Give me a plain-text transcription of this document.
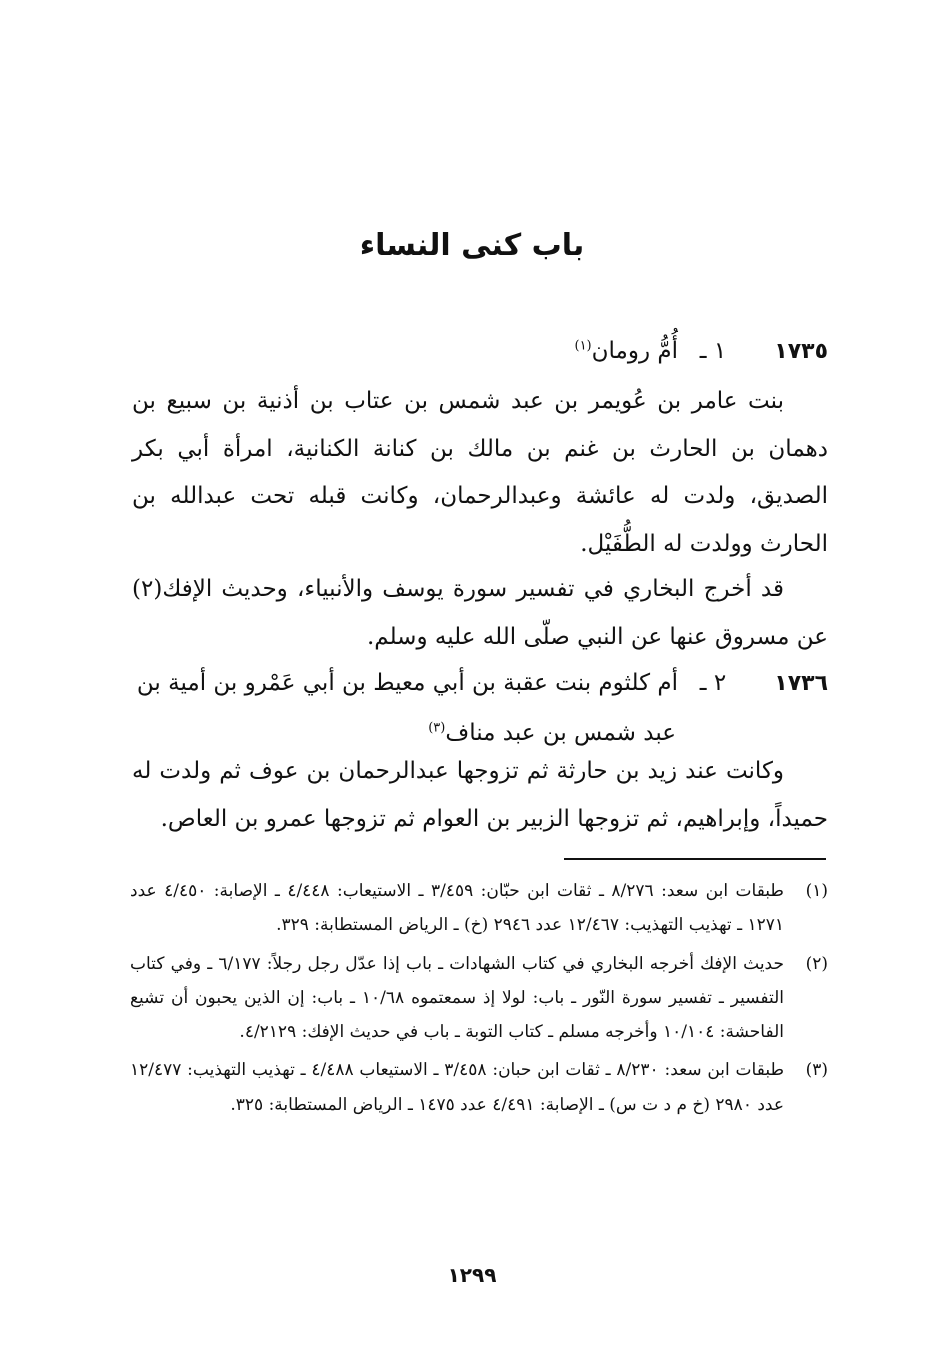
باب كنى النساء
١٧٣٥١ ـأُمُّ رومان$^{(١)}$
بنت عامر بن عُويمر بن عبد شمس بن عتاب بن أذنية بن سبيع بن دهمان بن الحارث بن غنم بن مالك بن كنانة الكنانية، امرأة أبي بكر الصديق، ولدت له عائشة وعبدالرحمان، وكانت قبله تحت عبدالله بن الحارث وولدت له الطُّفَيْل.
قد أخرج البخاري في تفسير سورة يوسف والأنبياء، وحديث الإفك(٢) عن مسروق عنها عن النبي صلّى الله عليه وسلم.
١٧٣٦٢ ـأم كلثوم بنت عقبة بن أبي معيط بن أبي عَمْرو بن أمية بن
عبد شمس بن عبد مناف$^{(٣)}$
وكانت عند زيد بن حارثة ثم تزوجها عبدالرحمان بن عوف ثم ولدت له حميداً، وإبراهيم، ثم تزوجها الزبير بن العوام ثم تزوجها عمرو بن العاص.
(١)
طبقات ابن سعد: ٨/٢٧٦ ـ ثقات ابن حبّان: ٣/٤٥٩ ـ الاستيعاب: ٤/٤٤٨ ـ الإصابة: ٤/٤٥٠ عدد ١٢٧١ ـ تهذيب التهذيب: ١٢/٤٦٧ عدد ٢٩٤٦ (خ) ـ الرياض المستطابة: ٣٢٩.
(٢)
حديث الإفك أخرجه البخاري في كتاب الشهادات ـ باب إذا عدّل رجل رجلاً: ٦/١٧٧ ـ وفي كتاب التفسير ـ تفسير سورة النّور ـ باب: لولا إذ سمعتموه ١٠/٦٨ ـ باب: إن الذين يحبون أن تشيع الفاحشة: ١٠/١٠٤ وأخرجه مسلم ـ كتاب التوبة ـ باب في حديث الإفك: ٤/٢١٢٩.
(٣)
طبقات ابن سعد: ٨/٢٣٠ ـ ثقات ابن حبان: ٣/٤٥٨ ـ الاستيعاب ٤/٤٨٨ ـ تهذيب التهذيب: ١٢/٤٧٧ عدد ٢٩٨٠ (خ م د ت س) ـ الإصابة: ٤/٤٩١ عدد ١٤٧٥ ـ الرياض المستطابة: ٣٢٥.
١٢٩٩
